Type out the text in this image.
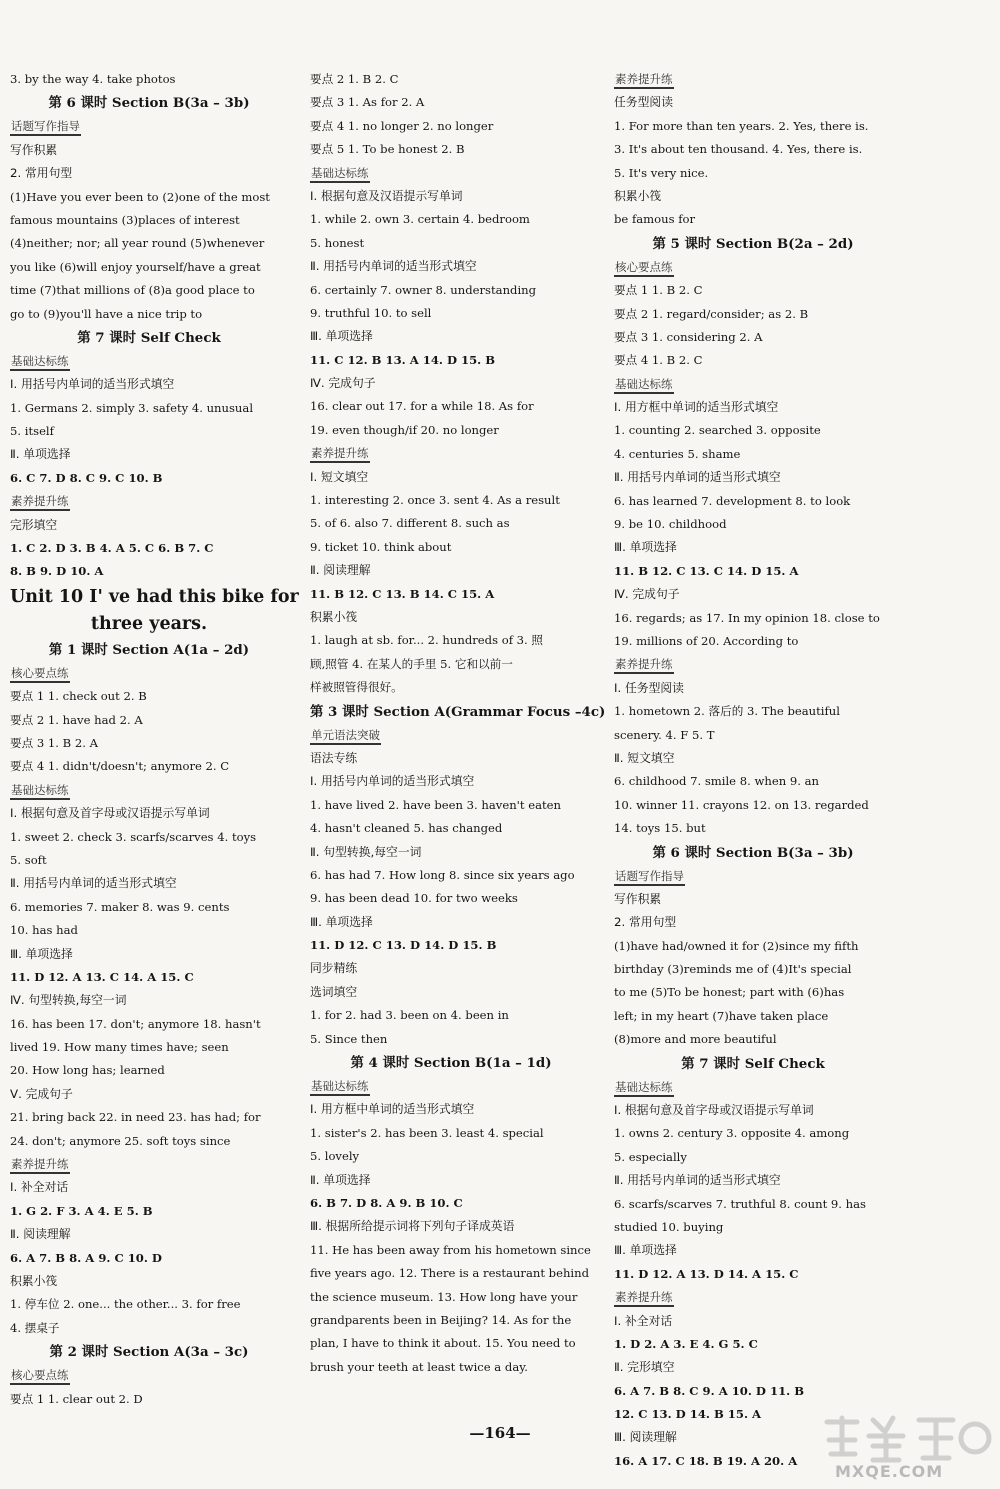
3. by the way 4. take photos
第 6 课时 Section B(3a – 3b)
话题写作指导
写作积累
2. 常用句型
(1)Have you ever been to (2)one of the most
famous mountains (3)places of interest
(4)neither; nor; all year round (5)whenever
you like (6)will enjoy yourself/have a great
time (7)that millions of (8)a good place to
go to (9)you'll have a nice trip to
第 7 课时 Self Check
基础达标练
Ⅰ. 用括号内单词的适当形式填空
1. Germans 2. simply 3. safety 4. unusual
5. itself
Ⅱ. 单项选择
6. C 7. D 8. C 9. C 10. B
素养提升练
完形填空
1. C 2. D 3. B 4. A 5. C 6. B 7. C
8. B 9. D 10. A
Unit 10 I' ve had this bike for
three years.
第 1 课时 Section A(1a – 2d)
核心要点练
要点 1 1. check out 2. B
要点 2 1. have had 2. A
要点 3 1. B 2. A
要点 4 1. didn't/doesn't; anymore 2. C
基础达标练
Ⅰ. 根据句意及首字母或汉语提示写单词
1. sweet 2. check 3. scarfs/scarves 4. toys
5. soft
Ⅱ. 用括号内单词的适当形式填空
6. memories 7. maker 8. was 9. cents
10. has had
Ⅲ. 单项选择
11. D 12. A 13. C 14. A 15. C
Ⅳ. 句型转换,每空一词
16. has been 17. don't; anymore 18. hasn't
lived 19. How many times have; seen
20. How long has; learned
Ⅴ. 完成句子
21. bring back 22. in need 23. has had; for
24. don't; anymore 25. soft toys since
素养提升练
Ⅰ. 补全对话
1. G 2. F 3. A 4. E 5. B
Ⅱ. 阅读理解
6. A 7. B 8. A 9. C 10. D
积累小筏
1. 停车位 2. one... the other... 3. for free
4. 摆桌子
第 2 课时 Section A(3a – 3c)
核心要点练
要点 1 1. clear out 2. D
要点 2 1. B 2. C
要点 3 1. As for 2. A
要点 4 1. no longer 2. no longer
要点 5 1. To be honest 2. B
基础达标练
Ⅰ. 根据句意及汉语提示写单词
1. while 2. own 3. certain 4. bedroom
5. honest
Ⅱ. 用括号内单词的适当形式填空
6. certainly 7. owner 8. understanding
9. truthful 10. to sell
Ⅲ. 单项选择
11. C 12. B 13. A 14. D 15. B
Ⅳ. 完成句子
16. clear out 17. for a while 18. As for
19. even though/if 20. no longer
素养提升练
Ⅰ. 短文填空
1. interesting 2. once 3. sent 4. As a result
5. of 6. also 7. different 8. such as
9. ticket 10. think about
Ⅱ. 阅读理解
11. B 12. C 13. B 14. C 15. A
积累小筏
1. laugh at sb. for... 2. hundreds of 3. 照
顾,照管 4. 在某人的手里 5. 它和以前一
样被照管得很好。
第 3 课时 Section A(Grammar Focus –4c)
单元语法突破
语法专练
Ⅰ. 用括号内单词的适当形式填空
1. have lived 2. have been 3. haven't eaten
4. hasn't cleaned 5. has changed
Ⅱ. 句型转换,每空一词
6. has had 7. How long 8. since six years ago
9. has been dead 10. for two weeks
Ⅲ. 单项选择
11. D 12. C 13. D 14. D 15. B
同步精练
选词填空
1. for 2. had 3. been on 4. been in
5. Since then
第 4 课时 Section B(1a – 1d)
基础达标练
Ⅰ. 用方框中单词的适当形式填空
1. sister's 2. has been 3. least 4. special
5. lovely
Ⅱ. 单项选择
6. B 7. D 8. A 9. B 10. C
Ⅲ. 根据所给提示词将下列句子译成英语
11. He has been away from his hometown since
five years ago. 12. There is a restaurant behind
the science museum. 13. How long have your
grandparents been in Beijing? 14. As for the
plan, I have to think it about. 15. You need to
brush your teeth at least twice a day.
素养提升练
任务型阅读
1. For more than ten years. 2. Yes, there is.
3. It's about ten thousand. 4. Yes, there is.
5. It's very nice.
积累小筏
be famous for
第 5 课时 Section B(2a – 2d)
核心要点练
要点 1 1. B 2. C
要点 2 1. regard/consider; as 2. B
要点 3 1. considering 2. A
要点 4 1. B 2. C
基础达标练
Ⅰ. 用方框中单词的适当形式填空
1. counting 2. searched 3. opposite
4. centuries 5. shame
Ⅱ. 用括号内单词的适当形式填空
6. has learned 7. development 8. to look
9. be 10. childhood
Ⅲ. 单项选择
11. B 12. C 13. C 14. D 15. A
Ⅳ. 完成句子
16. regards; as 17. In my opinion 18. close to
19. millions of 20. According to
素养提升练
Ⅰ. 任务型阅读
1. hometown 2. 落后的 3. The beautiful
scenery. 4. F 5. T
Ⅱ. 短文填空
6. childhood 7. smile 8. when 9. an
10. winner 11. crayons 12. on 13. regarded
14. toys 15. but
第 6 课时 Section B(3a – 3b)
话题写作指导
写作积累
2. 常用句型
(1)have had/owned it for (2)since my fifth
birthday (3)reminds me of (4)It's special
to me (5)To be honest; part with (6)has
left; in my heart (7)have taken place
(8)more and more beautiful
第 7 课时 Self Check
基础达标练
Ⅰ. 根据句意及首字母或汉语提示写单词
1. owns 2. century 3. opposite 4. among
5. especially
Ⅱ. 用括号内单词的适当形式填空
6. scarfs/scarves 7. truthful 8. count 9. has
studied 10. buying
Ⅲ. 单项选择
11. D 12. A 13. D 14. A 15. C
素养提升练
Ⅰ. 补全对话
1. D 2. A 3. E 4. G 5. C
Ⅱ. 完形填空
6. A 7. B 8. C 9. A 10. D 11. B
12. C 13. D 14. B 15. A
Ⅲ. 阅读理解
16. A 17. C 18. B 19. A 20. A
—164—
MXQE.COM
